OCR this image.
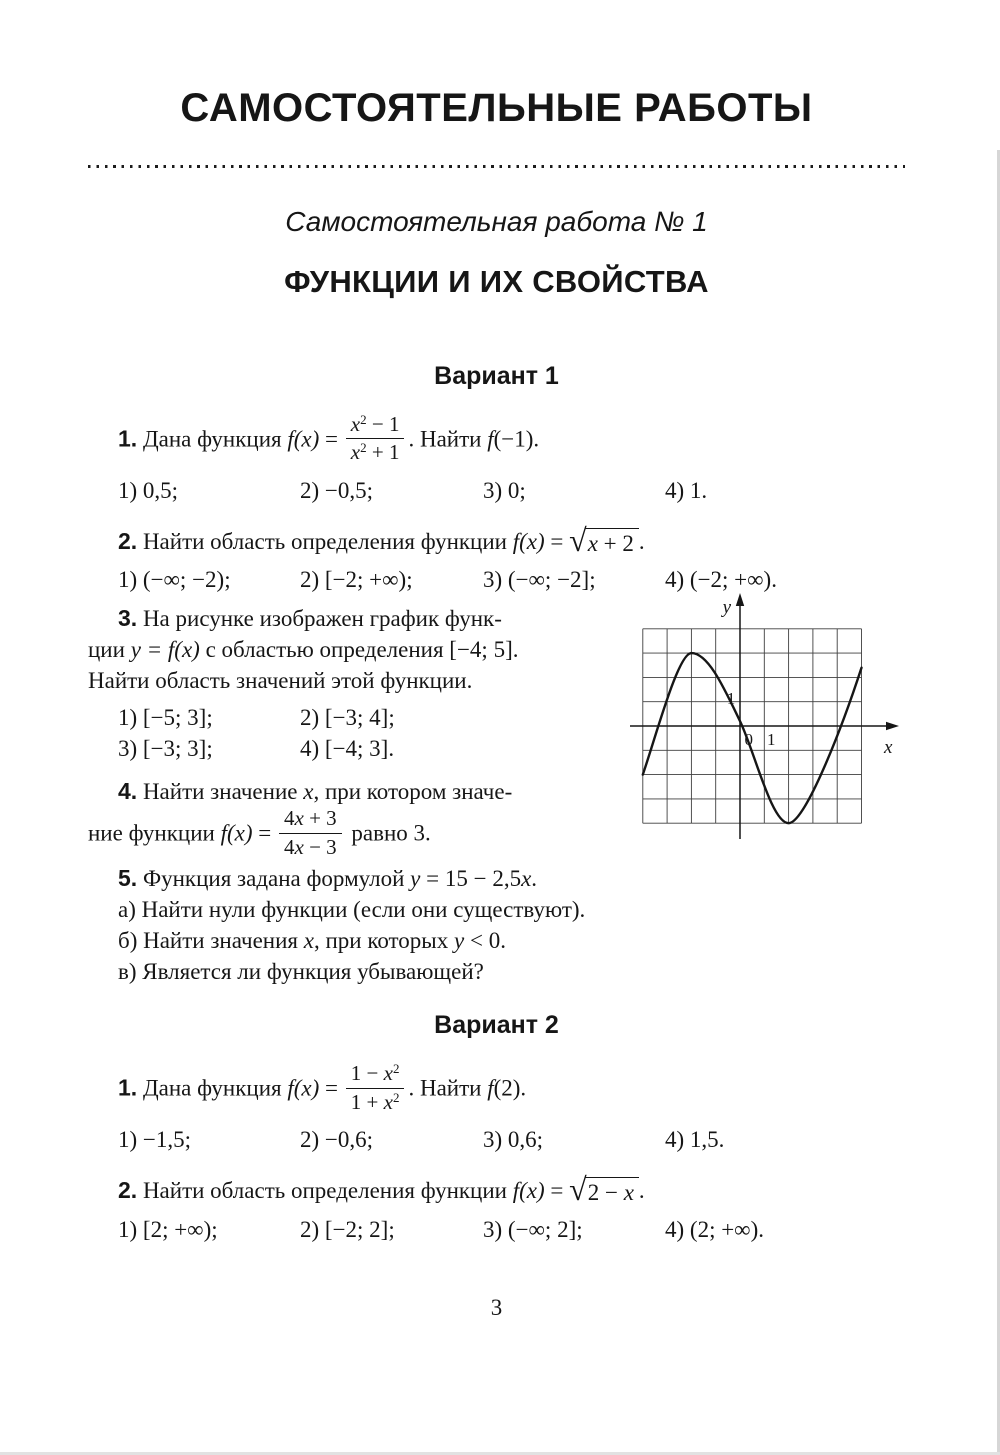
САМОСТОЯТЕЛЬНЫЕ РАБОТЫ
Самостоятельная работа № 1
ФУНКЦИИ И ИХ СВОЙСТВА
Вариант 1

1. Дана функция $f(x) = \frac{x^2 - 1}{x^2 + 1}$ . Найти f(−1).

1) 0,5;	2) −0,5;	3) 0;	4) 1.

2. Найти область определения функции f(x) = √ x + 2 .

1) (−∞; −2);	2) [−2; +∞);	3) (−∞; −2];	4) (−2; +∞).
y
x
1
0 1

3. На рисунке изображен график функ-
ции y = f(x) с областью определения [−4; 5].
Найти область значений этой функции.

1) [−5; 3];	2) [−3; 4];
3) [−3; 3];	4) [−4; 3].

4. Найти значение x, при котором значе-
ние функции $f(x) = \frac{4x + 3}{4x - 3}$ равно 3.

5. Функция задана формулой y = 15 − 2,5x.

а) Найти нули функции (если они существуют).

б) Найти значения x, при которых y < 0.

в) Является ли функция убывающей?

Вариант 2

1. Дана функция $f(x) = \frac{1 - x^2}{1 + x^2}$ . Найти f(2).

1) −1,5;	2) −0,6;	3) 0,6;	4) 1,5.

2. Найти область определения функции f(x) = √ 2 − x .

1) [2; +∞);	2) [−2; 2];	3) (−∞; 2];	4) (2; +∞).
3
